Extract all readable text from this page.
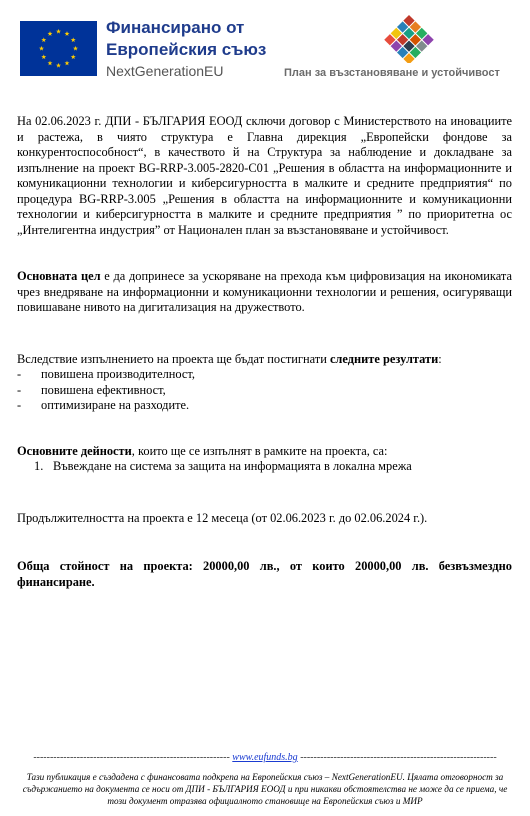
Финансирано от
Европейския съюз
NextGenerationEU	План за възстановяване и устойчивост

На 02.06.2023 г. ДПИ - БЪЛГАРИЯ ЕООД сключи договор с Министерството на иновациите и растежа, в чиято структура е Главна дирекция „Европейски фондове за конкурентоспособност“, в качеството й на Структура за наблюдение и докладване за изпълнение на проект BG-RRP-3.005-2820-C01 „Решения в областта на информационните и комуникационни технологии и киберсигурността в малките и средните предприятия“ по процедура BG-RRP-3.005 „Решения в областта на информационните и комуникационни технологии и киберсигурността в малките и средните предприятия ” по приоритетна ос „Интелигентна индустрия” от Националeн план за възстановяване и устойчивост.

Основната цел е да допринесе за ускоряване на прехода към цифровизация на икономиката чрез внедряване на информационни и комуникационни технологии и решения, осигуряващи повишаване нивото на дигитализация на дружеството.

Вследствие изпълнението на проекта ще бъдат постигнати следните резултати:

- повишена производителност,
- повишена ефективност,
- оптимизиране на разходите.

Основните дейности, които ще се изпълнят в рамките на проекта, са:

1. Въвеждане на система за защита на информацията в локална мрежа

Продължителността на проекта е 12 месеца (от 02.06.2023 г. до 02.06.2024 г.).

Обща стойност на проекта: 20000,00 лв., от които 20000,00 лв. безвъзмездно финансиране.

----------------------------------------------------------- www.eufunds.bg -----------------------------------------------------------
Тази публикация е създадена с финансовата подкрепа на Европейския съюз – NextGenerationEU. Цялата отговорност за съдържанието на документа се носи от ДПИ - БЪЛГАРИЯ ЕООД и при никакви обстоятелства не може да се приема, че този документ отразява официалното становище на Европейския съюз и МИР
